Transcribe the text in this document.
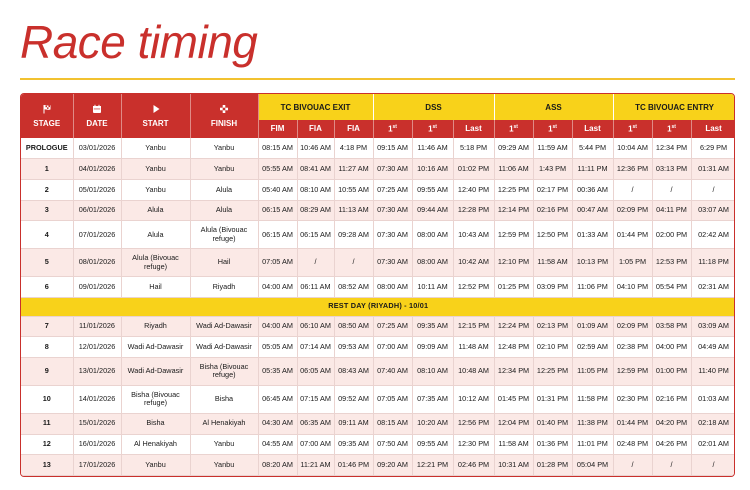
Race timing
STAGE	DATE	START	FINISH	TC BIVOUAC EXIT			DSS			ASS			TC BIVOUAC ENTRY		
				FIM	FIA	FIA	1st	1st	Last	1st	1st	Last	1st	1st	Last
PROLOGUE	03/01/2026	Yanbu	Yanbu	08:15 AM	10:46 AM	4:18 PM	09:15 AM	11:46 AM	5:18 PM	09:29 AM	11:59 AM	5:44 PM	10:04 AM	12:34 PM	6:29 PM
1	04/01/2026	Yanbu	Yanbu	05:55 AM	08:41 AM	11:27 AM	07:30 AM	10:16 AM	01:02 PM	11:06 AM	1:43 PM	11:11 PM	12:36 PM	03:13 PM	01:31 AM
2	05/01/2026	Yanbu	Alula	05:40 AM	08:10 AM	10:55 AM	07:25 AM	09:55 AM	12:40 PM	12:25 PM	02:17 PM	00:36 AM	/	/	/
3	06/01/2026	Alula	Alula	06:15 AM	08:29 AM	11:13 AM	07:30 AM	09:44 AM	12:28 PM	12:14 PM	02:16 PM	00:47 AM	02:09 PM	04:11 PM	03:07 AM
4	07/01/2026	Alula	Alula (Bivouac refuge)	06:15 AM	06:15 AM	09:28 AM	07:30 AM	08:00 AM	10:43 AM	12:59 PM	12:50 PM	01:33 AM	01:44 PM	02:00 PM	02:42 AM
5	08/01/2026	Alula (Bivouac refuge)	Hail	07:05 AM	/	/	07:30 AM	08:00 AM	10:42 AM	12:10 PM	11:58 AM	10:13 PM	1:05 PM	12:53 PM	11:18 PM
6	09/01/2026	Hail	Riyadh	04:00 AM	06:11 AM	08:52 AM	08:00 AM	10:11 AM	12:52 PM	01:25 PM	03:09 PM	11:06 PM	04:10 PM	05:54 PM	02:31 AM
REST DAY (RIYADH) - 10/01															
7	11/01/2026	Riyadh	Wadi Ad-Dawasir	04:00 AM	06:10 AM	08:50 AM	07:25 AM	09:35 AM	12:15 PM	12:24 PM	02:13 PM	01:09 AM	02:09 PM	03:58 PM	03:09 AM
8	12/01/2026	Wadi Ad-Dawasir	Wadi Ad-Dawasir	05:05 AM	07:14 AM	09:53 AM	07:00 AM	09:09 AM	11:48 AM	12:48 PM	02:10 PM	02:59 AM	02:38 PM	04:00 PM	04:49 AM
9	13/01/2026	Wadi Ad-Dawasir	Bisha (Bivouac refuge)	05:35 AM	06:05 AM	08:43 AM	07:40 AM	08:10 AM	10:48 AM	12:34 PM	12:25 PM	11:05 PM	12:59 PM	01:00 PM	11:40 PM
10	14/01/2026	Bisha (Bivouac refuge)	Bisha	06:45 AM	07:15 AM	09:52 AM	07:05 AM	07:35 AM	10:12 AM	01:45 PM	01:31 PM	11:58 PM	02:30 PM	02:16 PM	01:03 AM
11	15/01/2026	Bisha	Al Henakiyah	04:30 AM	06:35 AM	09:11 AM	08:15 AM	10:20 AM	12:56 PM	12:04 PM	01:40 PM	11:38 PM	01:44 PM	04:20 PM	02:18 AM
12	16/01/2026	Al Henakiyah	Yanbu	04:55 AM	07:00 AM	09:35 AM	07:50 AM	09:55 AM	12:30 PM	11:58 AM	01:36 PM	11:01 PM	02:48 PM	04:26 PM	02:01 AM
13	17/01/2026	Yanbu	Yanbu	08:20 AM	11:21 AM	01:46 PM	09:20 AM	12:21 PM	02:46 PM	10:31 AM	01:28 PM	05:04 PM	/	/	/
